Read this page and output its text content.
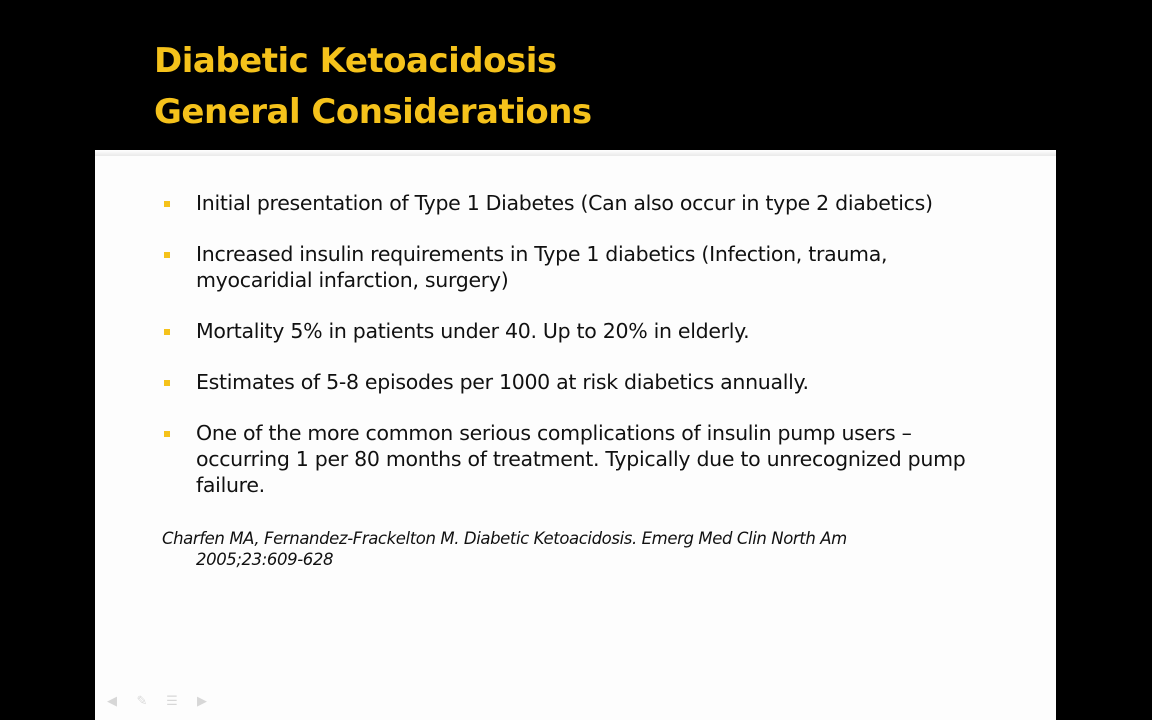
Diabetic Ketoacidosis
General Considerations
Initial presentation of Type 1 Diabetes (Can also occur in type 2 diabetics)
Increased insulin requirements in Type 1 diabetics (Infection, trauma, myocaridial infarction, surgery)
Mortality 5% in patients under 40. Up to 20% in elderly.
Estimates of 5-8 episodes per 1000 at risk diabetics annually.
One of the more common serious complications of insulin pump users – occurring 1 per 80 months of treatment. Typically due to unrecognized pump failure.
Charfen MA, Fernandez-Frackelton M. Diabetic Ketoacidosis. Emerg Med Clin North Am
2005;23:609-628
◀	✎	☰	▶
